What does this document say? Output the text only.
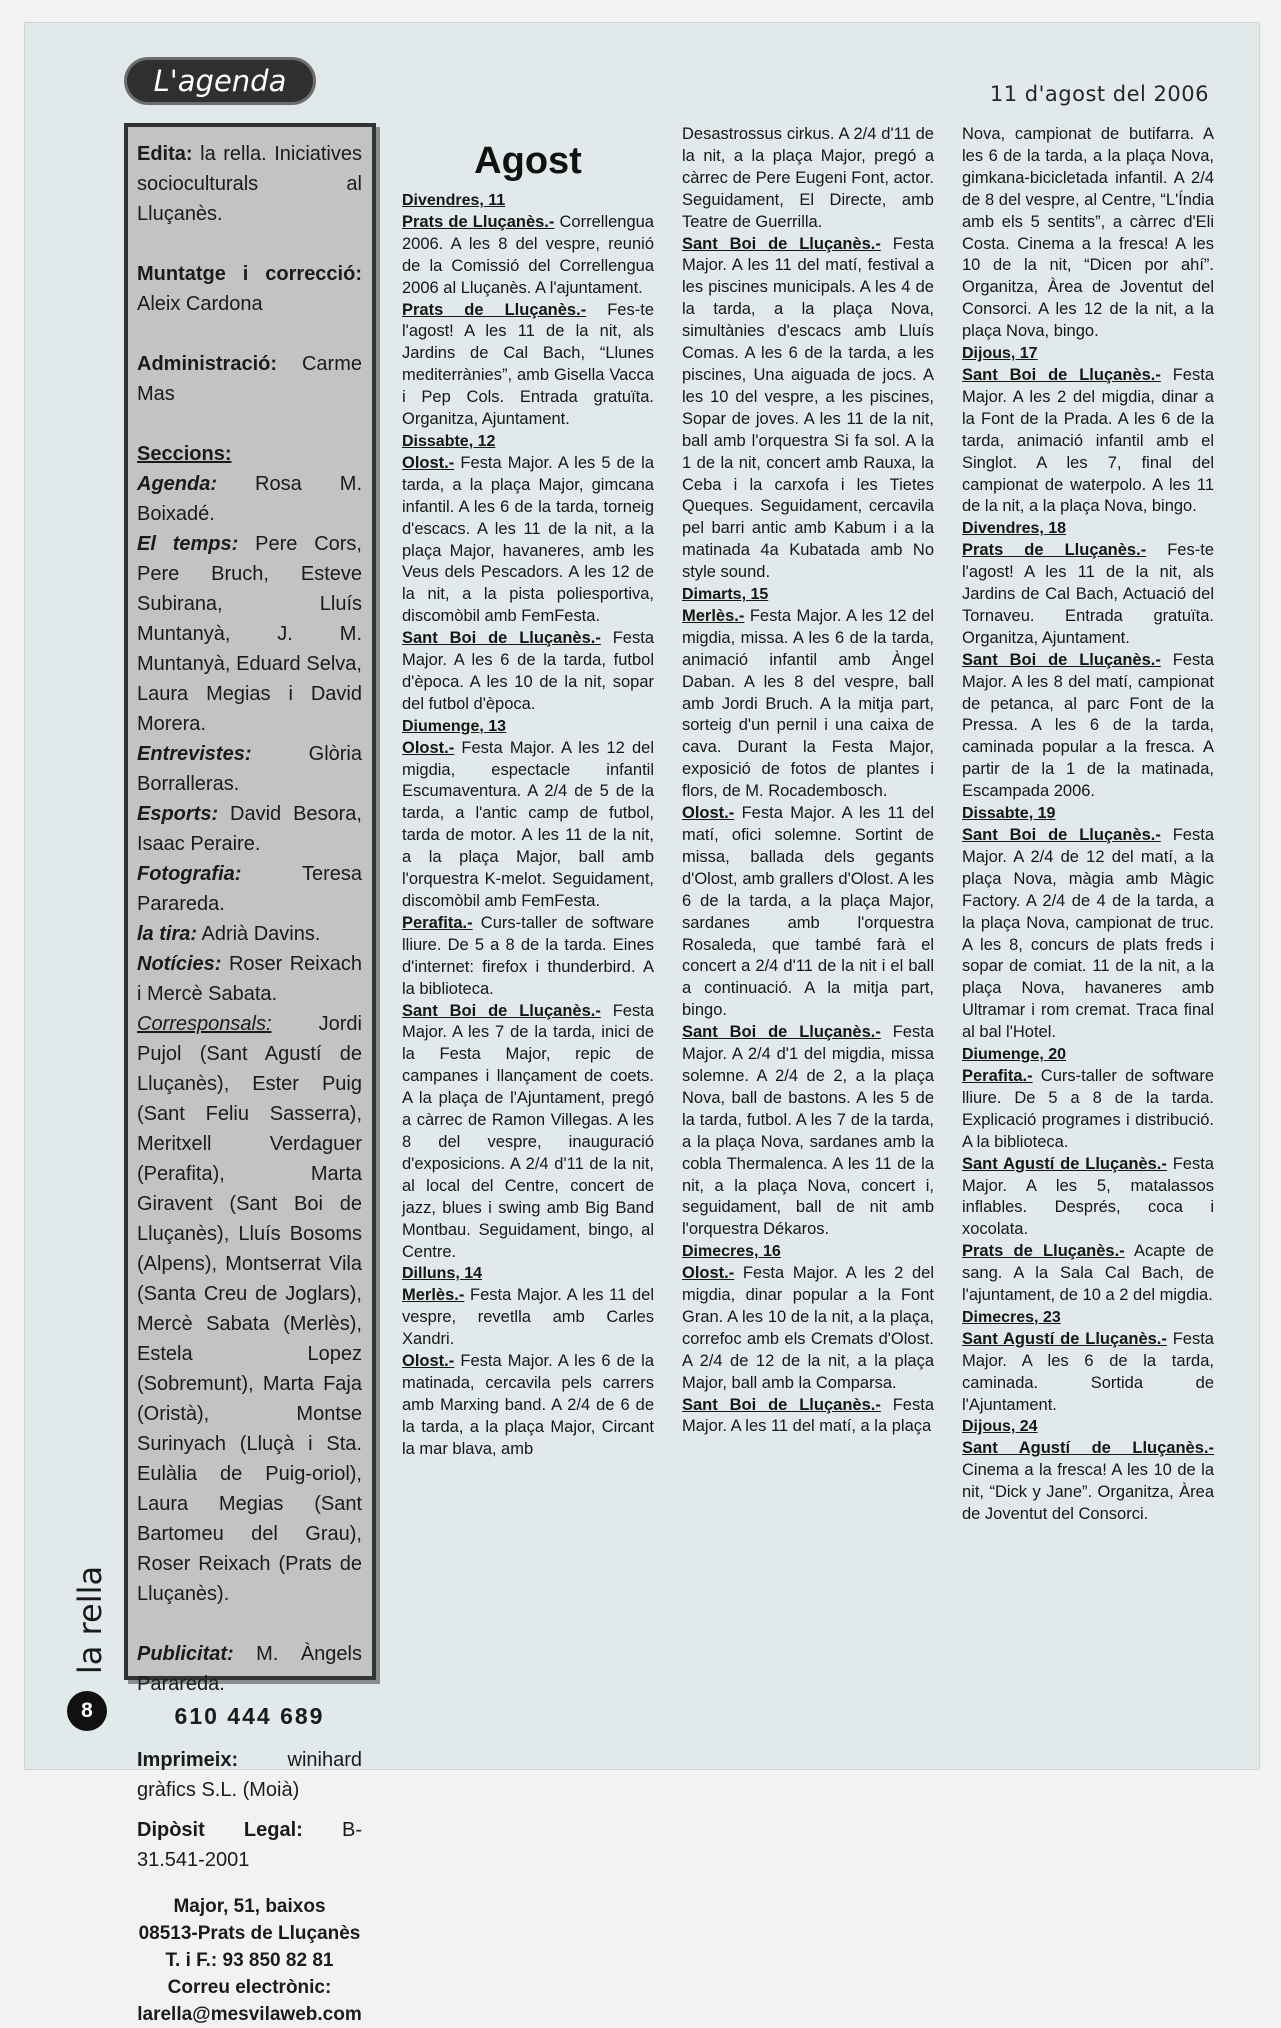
L'agenda	11 d'agost del 2006

Edita: la rella. Iniciatives socioculturals al Lluçanès.

Muntatge i correcció: Aleix Cardona

Administració: Carme Mas

Seccions:

Agenda: Rosa M. Boixadé.

El temps: Pere Cors, Pere Bruch, Esteve Subirana, Lluís Muntanyà, J. M. Muntanyà, Eduard Selva, Laura Megias i David Morera.

Entrevistes:	Glòria Borralleras.

Esports: David Besora, Isaac Peraire.

Fotografia:	Teresa Parareda.

la tira: Adrià Davins.

Notícies: Roser Reixach i Mercè Sabata.

Corresponsals: Jordi Pujol (Sant Agustí de Lluçanès), Ester Puig (Sant Feliu Sasserra), Meritxell Verdaguer (Perafita), Marta Giravent (Sant Boi de Lluçanès), Lluís Bosoms (Alpens), Montserrat Vila (Santa Creu de Joglars), Mercè Sabata (Merlès), Estela Lopez (Sobremunt), Marta Faja (Oristà), Montse Surinyach (Lluçà i Sta. Eulàlia de Puig-oriol), Laura Megias (Sant Bartomeu del Grau), Roser Reixach (Prats de Lluçanès).

Publicitat: M. Àngels Parareda.

610 444 689

Imprimeix: winihard gràfics S.L. (Moià)

Dipòsit Legal: B-31.541-2001

Major, 51, baixos

08513-Prats de Lluçanès

T. i F.: 93 850 82 81

Correu electrònic:

larella@mesvilaweb.com

Agost

Divendres, 11

Prats de Lluçanès.- Correllengua 2006. A les 8 del vespre, reunió de la Comissió del Correllengua 2006 al Lluçanès. A l'ajuntament.

Prats de Lluçanès.- Fes-te l'agost! A les 11 de la nit, als Jardins de Cal Bach, “Llunes mediterrànies”, amb Gisella Vacca i Pep Cols. Entrada gratuïta. Organitza, Ajuntament.

Dissabte, 12

Olost.- Festa Major. A les 5 de la tarda, a la plaça Major, gimcana infantil. A les 6 de la tarda, torneig d'escacs. A les 11 de la nit, a la plaça Major, havaneres, amb les Veus dels Pescadors. A les 12 de la nit, a la pista poliesportiva, discomòbil amb FemFesta.

Sant Boi de Lluçanès.- Festa Major. A les 6 de la tarda, futbol d'època. A les 10 de la nit, sopar del futbol d'època.

Diumenge, 13

Olost.- Festa Major. A les 12 del migdia, espectacle infantil Escumaventura. A 2/4 de 5 de la tarda, a l'antic camp de futbol, tarda de motor. A les 11 de la nit, a la plaça Major, ball amb l'orquestra K-melot. Seguidament, discomòbil amb FemFesta.

Perafita.- Curs-taller de software lliure. De 5 a 8 de la tarda. Eines d'internet: firefox i thunderbird. A la biblioteca.

Sant Boi de Lluçanès.- Festa Major. A les 7 de la tarda, inici de la Festa Major, repic de campanes i llançament de coets. A la plaça de l'Ajuntament, pregó a càrrec de Ramon Villegas. A les 8 del vespre, inauguració d'exposicions. A 2/4 d'11 de la nit, al local del Centre, concert de jazz, blues i swing amb Big Band Montbau. Seguidament, bingo, al Centre.

Dilluns, 14

Merlès.- Festa Major. A les 11 del vespre, revetlla amb Carles Xandri.

Olost.- Festa Major. A les 6 de la matinada, cercavila pels carrers amb Marxing band. A 2/4 de 6 de la tarda, a la plaça Major, Circant la mar blava, amb

Desastrossus cirkus. A 2/4 d'11 de la nit, a la plaça Major, pregó a càrrec de Pere Eugeni Font, actor. Seguidament, El Directe, amb Teatre de Guerrilla.

Sant Boi de Lluçanès.- Festa Major. A les 11 del matí, festival a les piscines municipals. A les 4 de la tarda, a la plaça Nova, simultànies d'escacs amb Lluís Comas. A les 6 de la tarda, a les piscines, Una aiguada de jocs. A les 10 del vespre, a les piscines, Sopar de joves. A les 11 de la nit, ball amb l'orquestra Si fa sol. A la 1 de la nit, concert amb Rauxa, la Ceba i la carxofa i les Tietes Queques. Seguidament, cercavila pel barri antic amb Kabum i a la matinada 4a Kubatada amb No style sound.

Dimarts, 15

Merlès.- Festa Major. A les 12 del migdia, missa. A les 6 de la tarda, animació infantil amb Àngel Daban. A les 8 del vespre, ball amb Jordi Bruch. A la mitja part, sorteig d'un pernil i una caixa de cava. Durant la Festa Major, exposició de fotos de plantes i flors, de M. Rocadembosch.

Olost.- Festa Major. A les 11 del matí, ofici solemne. Sortint de missa, ballada dels gegants d'Olost, amb grallers d'Olost. A les 6 de la tarda, a la plaça Major, sardanes amb l'orquestra Rosaleda, que també farà el concert a 2/4 d'11 de la nit i el ball a continuació. A la mitja part, bingo.

Sant Boi de Lluçanès.- Festa Major. A 2/4 d'1 del migdia, missa solemne. A 2/4 de 2, a la plaça Nova, ball de bastons. A les 5 de la tarda, futbol. A les 7 de la tarda, a la plaça Nova, sardanes amb la cobla Thermalenca. A les 11 de la nit, a la plaça Nova, concert i, seguidament, ball de nit amb l'orquestra Dékaros.

Dimecres, 16

Olost.- Festa Major. A les 2 del migdia, dinar popular a la Font Gran. A les 10 de la nit, a la plaça, correfoc amb els Cremats d'Olost. A 2/4 de 12 de la nit, a la plaça Major, ball amb la Comparsa.

Sant Boi de Lluçanès.- Festa Major. A les 11 del matí, a la plaça

Nova, campionat de butifarra. A les 6 de la tarda, a la plaça Nova, gimkana-bicicletada infantil. A 2/4 de 8 del vespre, al Centre, “L'Índia amb els 5 sentits”, a càrrec d'Eli Costa. Cinema a la fresca! A les 10 de la nit, “Dicen por ahí”. Organitza, Àrea de Joventut del Consorci. A les 12 de la nit, a la plaça Nova, bingo.

Dijous, 17

Sant Boi de Lluçanès.- Festa Major. A les 2 del migdia, dinar a la Font de la Prada. A les 6 de la tarda, animació infantil amb el Singlot. A les 7, final del campionat de waterpolo. A les 11 de la nit, a la plaça Nova, bingo.

Divendres, 18

Prats de Lluçanès.- Fes-te l'agost! A les 11 de la nit, als Jardins de Cal Bach, Actuació del Tornaveu. Entrada gratuïta. Organitza, Ajuntament.

Sant Boi de Lluçanès.- Festa Major. A les 8 del matí, campionat de petanca, al parc Font de la Pressa. A les 6 de la tarda, caminada popular a la fresca. A partir de la 1 de la matinada, Escampada 2006.

Dissabte, 19

Sant Boi de Lluçanès.- Festa Major. A 2/4 de 12 del matí, a la plaça Nova, màgia amb Màgic Factory. A 2/4 de 4 de la tarda, a la plaça Nova, campionat de truc. A les 8, concurs de plats freds i sopar de comiat. 11 de la nit, a la plaça Nova, havaneres amb Ultramar i rom cremat. Traca final al bal l'Hotel.

Diumenge, 20

Perafita.- Curs-taller de software lliure. De 5 a 8 de la tarda. Explicació programes i distribució. A la biblioteca.

Sant Agustí de Lluçanès.- Festa Major. A les 5, matalassos inflables. Després, coca i xocolata.

Prats de Lluçanès.- Acapte de sang. A la Sala Cal Bach, de l'ajuntament, de 10 a 2 del migdia.

Dimecres, 23

Sant Agustí de Lluçanès.- Festa Major. A les 6 de la tarda, caminada. Sortida de l'Ajuntament.

Dijous, 24

Sant Agustí de Lluçanès.- Cinema a la fresca! A les 10 de la nit, “Dick y Jane”. Organitza, Àrea de Joventut del Consorci.

la rella
8
